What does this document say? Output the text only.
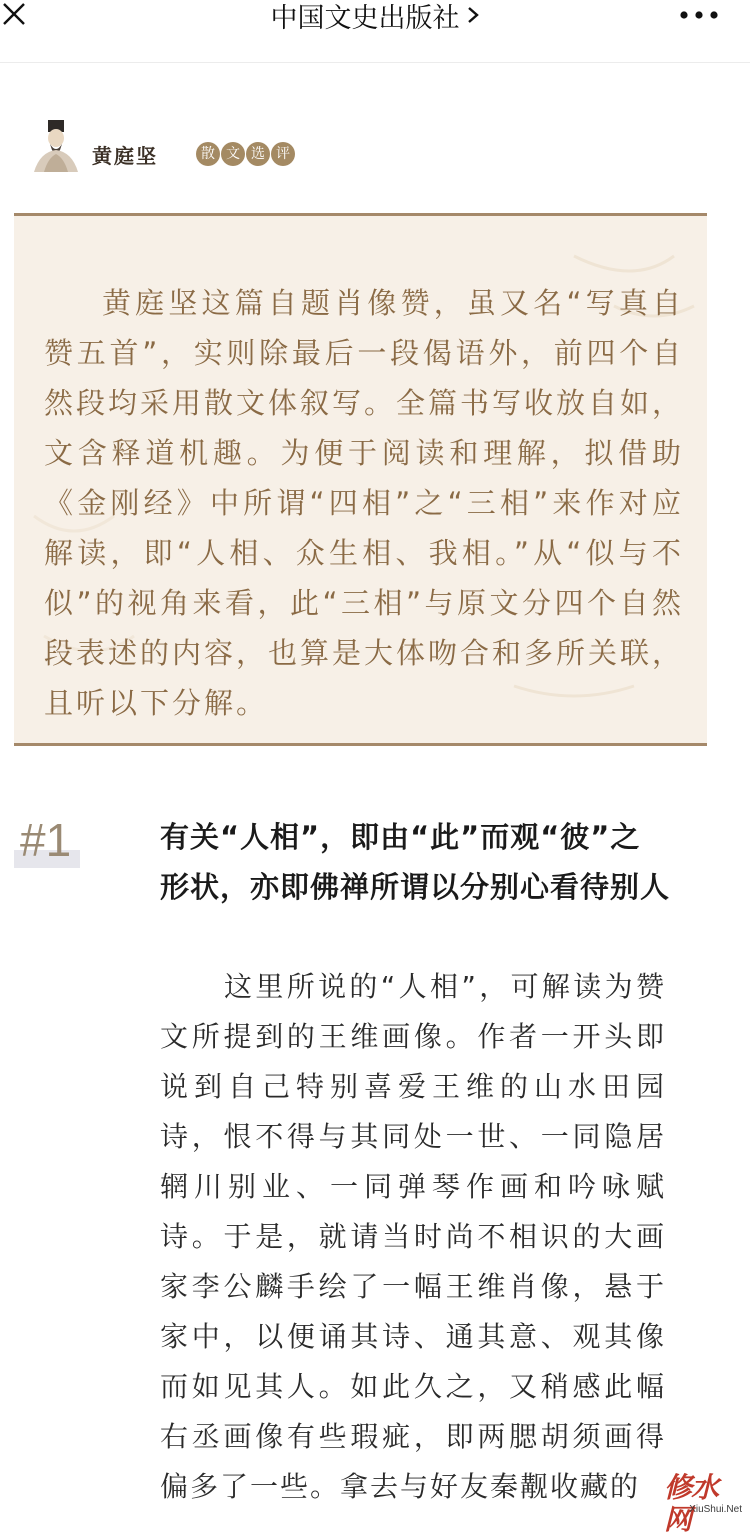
中国文史出版社
黄庭坚	散 文 选 评
黄庭坚这篇自题肖像赞，虽又名“写真自赞五首”，实则除最后一段偈语外，前四个自然段均采用散文体叙写。全篇书写收放自如，文含释道机趣。为便于阅读和理解，拟借助《金刚经》中所谓“四相”之“三相”来作对应解读，即“人相、众生相、我相。”从“似与不似”的视角来看，此“三相”与原文分四个自然段表述的内容，也算是大体吻合和多所关联，且听以下分解。
#1	有关“人相”，即由“此”而观“彼”之形状，亦即佛禅所谓以分别心看待别人
这里所说的“人相”，可解读为赞文所提到的王维画像。作者一开头即说到自己特别喜爱王维的山水田园诗，恨不得与其同处一世、一同隐居辋川别业、一同弹琴作画和吟咏赋诗。于是，就请当时尚不相识的大画家李公麟手绘了一幅王维肖像，悬于家中，以便诵其诗、通其意、观其像而如见其人。如此久之，又稍感此幅右丞画像有些瑕疵，即两腮胡须画得偏多了一些。拿去与好友秦觏收藏的 修水网
XiuShui.Net
